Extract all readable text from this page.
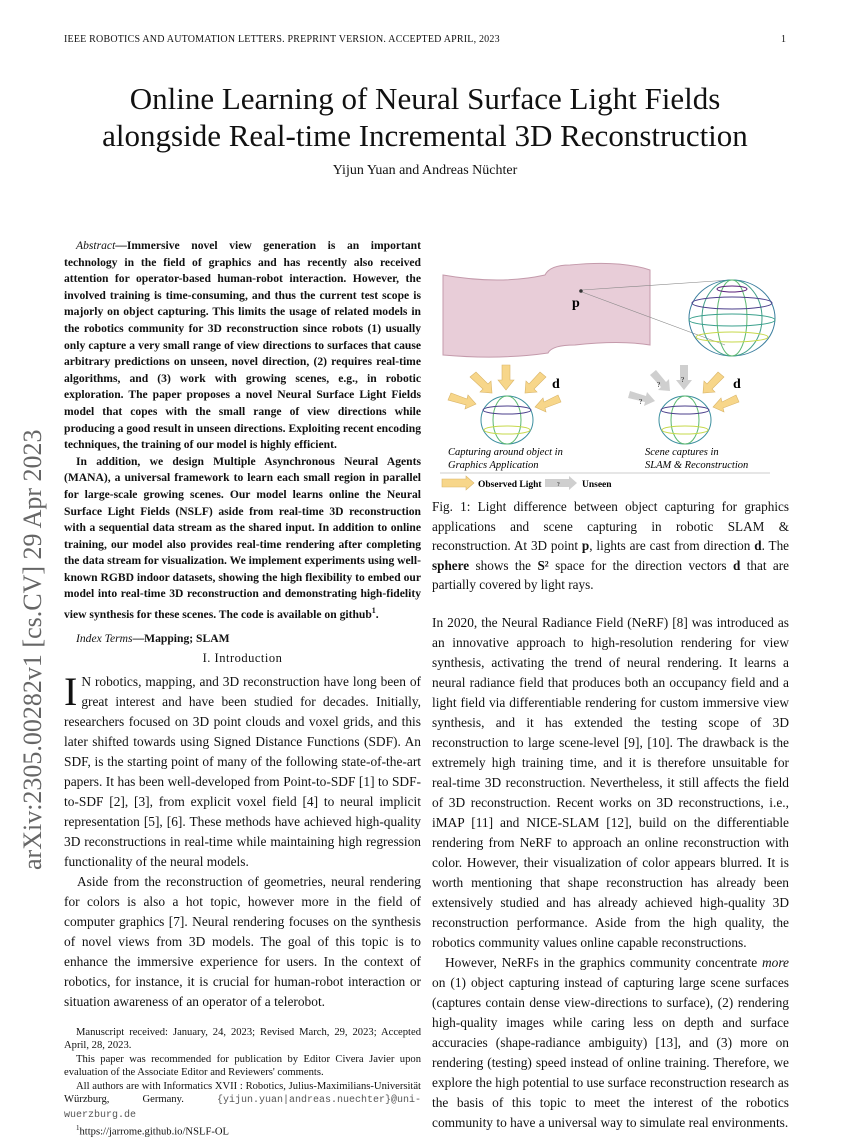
IEEE ROBOTICS AND AUTOMATION LETTERS. PREPRINT VERSION. ACCEPTED APRIL, 2023	1
Online Learning of Neural Surface Light Fields
alongside Real-time Incremental 3D Reconstruction
Yijun Yuan and Andreas Nüchter
arXiv:2305.00282v1 [cs.CV] 29 Apr 2023

Abstract—Immersive novel view generation is an important technology in the field of graphics and has recently also received attention for operator-based human-robot interaction. However, the involved training is time-consuming, and thus the current test scope is majorly on object capturing. This limits the usage of related models in the robotics community for 3D reconstruction since robots (1) usually only capture a very small range of view directions to surfaces that cause arbitrary predictions on unseen, novel direction, (2) requires real-time algorithms, and (3) work with growing scenes, e.g., in robotic exploration. The paper proposes a novel Neural Surface Light Fields model that copes with the small range of view directions while producing a good result in unseen directions. Exploiting recent encoding techniques, the training of our model is highly efficient.

In addition, we design Multiple Asynchronous Neural Agents (MANA), a universal framework to learn each small region in parallel for large-scale growing scenes. Our model learns online the Neural Surface Light Fields (NSLF) aside from real-time 3D reconstruction with a sequential data stream as the shared input. In addition to online training, our model also provides real-time rendering after completing the data stream for visualization. We implement experiments using well-known RGBD indoor datasets, showing the high flexibility to embed our model into real-time 3D reconstruction and demonstrating high-fidelity view synthesis for these scenes. The code is available on github$^1$.

Index Terms—Mapping; SLAM

I. Introduction

I N robotics, mapping, and 3D reconstruction have long been of great interest and have been studied for decades. Initially, researchers focused on 3D point clouds and voxel grids, and this later shifted towards using Signed Distance Functions (SDF). An SDF, is the starting point of many of the following state-of-the-art papers. It has been well-developed from Point-to-SDF [1] to SDF-to-SDF [2], [3], from explicit voxel field [4] to neural implicit representation [5], [6]. These methods have achieved high-quality 3D reconstructions in real-time while maintaining high regression functionality of the neural models.

Aside from the reconstruction of geometries, neural rendering for colors is also a hot topic, however more in the field of computer graphics [7]. Neural rendering focuses on the synthesis of novel views from 3D models. The goal of this topic is to enhance the immersive experience for users. In the context of robotics, for instance, it is crucial for human-robot interaction or situation awareness of an operator of a telerobot.

Manuscript received: January, 24, 2023; Revised March, 29, 2023; Accepted April, 28, 2023.

This paper was recommended for publication by Editor Civera Javier upon evaluation of the Associate Editor and Reviewers' comments.

All authors are with Informatics XVII : Robotics, Julius-Maximilians-Universität Würzburg, Germany.	{yijun.yuan|andreas.nuechter}@uni-wuerzburg.de

$^1$https://jarrome.github.io/NSLF-OL

p
d	?
?
?
d
Capturing around object in
Graphics Application
Scene captures in
SLAM & Reconstruction
Observed Light	? Unseen
Fig. 1: Light difference between object capturing for graphics applications and scene capturing in robotic SLAM & reconstruction. At 3D point p, lights are cast from direction d. The sphere shows the S² space for the direction vectors d that are partially covered by light rays.

In 2020, the Neural Radiance Field (NeRF) [8] was introduced as an innovative approach to high-resolution rendering for view synthesis, activating the trend of neural rendering. It learns a neural radiance field that produces both an occupancy field and a light field via differentiable rendering for custom immersive view synthesis, and it has extended the testing scope of 3D reconstruction to large scene-level [9], [10]. The drawback is the extremely high training time, and it is therefore unsuitable for real-time 3D reconstruction. Nevertheless, it still affects the field of 3D reconstruction. Recent works on 3D reconstructions, i.e., iMAP [11] and NICE-SLAM [12], build on the differentiable rendering from NeRF to approach an online reconstruction with color. However, their visualization of color appears blurred. It is worth mentioning that shape reconstruction has already been extensively studied and has already achieved high-quality 3D reconstruction performance. Aside from the high quality, the robotics community values online capable reconstructions.

However, NeRFs in the graphics community concentrate more on (1) object capturing instead of capturing large scene surfaces (captures contain dense view-directions to surface), (2) rendering high-quality images while caring less on depth and surface accuracies (shape-radiance ambiguity) [13], and (3) more on rendering (testing) speed instead of online training. Therefore, we explore the high potential to use surface reconstruction research as the basis of this topic to meet the interest of the robotics community to have a universal way to simulate real environments.
